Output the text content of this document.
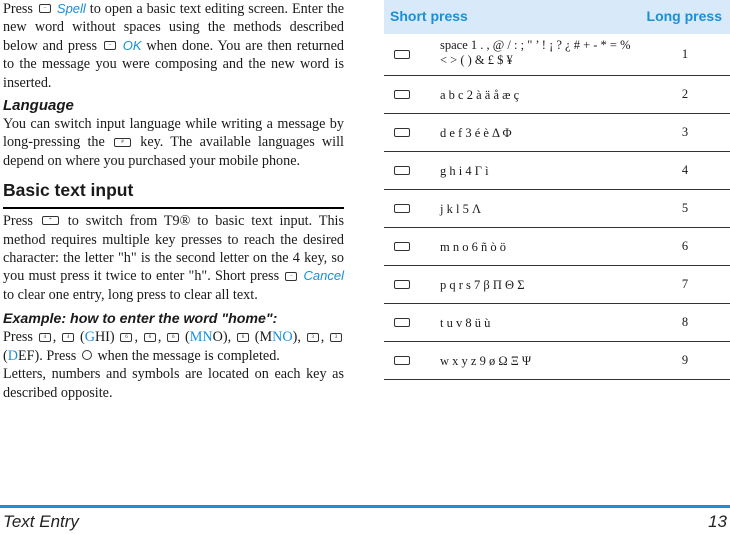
Press – Spell to open a basic text editing screen. Enter the new word without spaces using the methods described below and press – OK when done. You are then returned to the message you were composing and the new word is inserted.

Language

You can switch input language while writing a message by long-pressing the	# key. The available languages will depend on where you purchased your mobile phone.

Basic text input

Press	* to switch from T9® to basic text input. This method requires multiple key presses to reach the desired character: the letter "h" is the second letter on the 4 key, so you must press it twice to enter "h". Short press – Cancel to clear one entry, long press to clear all text.

Example: how to enter the word "home":

Press 4 , 4 (GHI) 6 , 6 , 6 (MNO), 6 (MNO), 3 , 3 (DEF). Press when the message is completed.

Letters, numbers and symbols are located on each key as described opposite.

Short press	Long press
space 1 . , @ / : ; " ’ ! ¡ ? ¿ # + - * = % < > ( ) & £ $ ¥	1
a b c 2 à ä å æ ç	2
d e f 3 é è Δ Φ	3
g h i 4 Γ ì	4
j k l 5 Λ	5
m n o 6 ñ ò ö	6
p q r s 7 β Π Θ Σ	7
t u v 8 ü ù	8
w x y z 9 ø Ω Ξ Ψ	9
Text Entry	13
